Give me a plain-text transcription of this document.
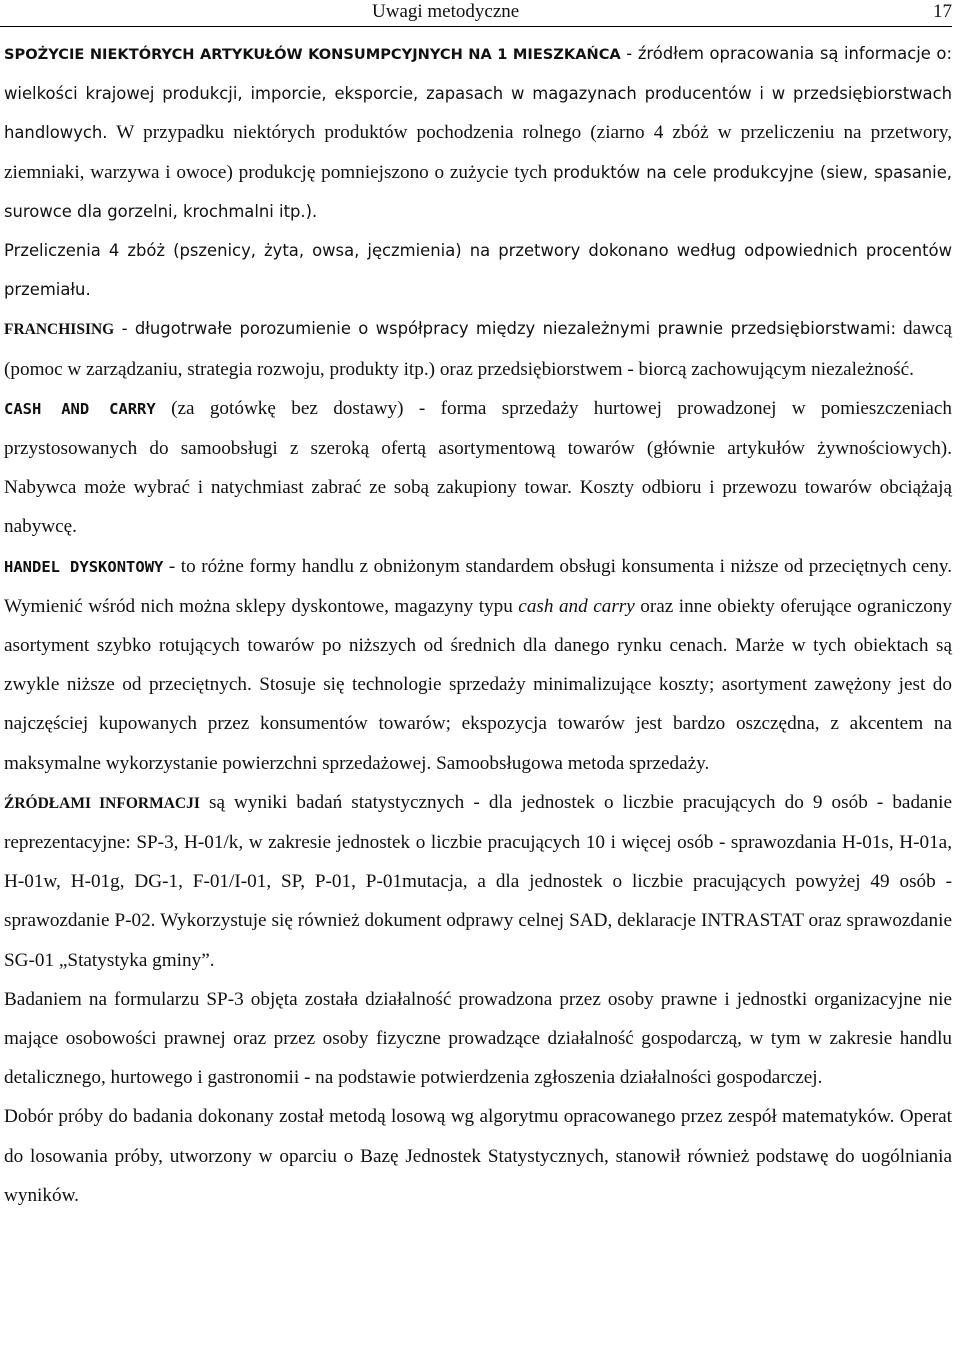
Uwagi metodyczne	17

SPOŻYCIE NIEKTÓRYCH ARTYKUŁÓW KONSUMPCYJNYCH NA 1 MIESZKAŃCA - źródłem opracowania są informacje o: wielkości krajowej produkcji, imporcie, eksporcie, zapasach w magazynach producentów i w przedsiębiorstwach handlowych. W przypadku niektórych produktów pochodzenia rolnego (ziarno 4 zbóż w przeliczeniu na przetwory, ziemniaki, warzywa i owoce) produkcję pomniejszono o zużycie tych produktów na cele produkcyjne (siew, spasanie, surowce dla gorzelni, krochmalni itp.).

Przeliczenia 4 zbóż (pszenicy, żyta, owsa, jęczmienia) na przetwory dokonano według odpowiednich procentów przemiału.

FRANCHISING - długotrwałe porozumienie o współpracy między niezależnymi prawnie przedsiębiorstwami: dawcą (pomoc w zarządzaniu, strategia rozwoju, produkty itp.) oraz przedsiębiorstwem - biorcą zachowującym niezależność.

CASH AND CARRY (za gotówkę bez dostawy) - forma sprzedaży hurtowej prowadzonej w pomieszczeniach przystosowanych do samoobsługi z szeroką ofertą asortymentową towarów (głównie artykułów żywnościowych). Nabywca może wybrać i natychmiast zabrać ze sobą zakupiony towar. Koszty odbioru i przewozu towarów obciążają nabywcę.

HANDEL DYSKONTOWY - to różne formy handlu z obniżonym standardem obsługi konsumenta i niższe od przeciętnych ceny. Wymienić wśród nich można sklepy dyskontowe, magazyny typu cash and carry oraz inne obiekty oferujące ograniczony asortyment szybko rotujących towarów po niższych od średnich dla danego rynku cenach. Marże w tych obiektach są zwykle niższe od przeciętnych. Stosuje się technologie sprzedaży minimalizujące koszty; asortyment zawężony jest do najczęściej kupowanych przez konsumentów towarów; ekspozycja towarów jest bardzo oszczędna, z akcentem na maksymalne wykorzystanie powierzchni sprzedażowej. Samoobsługowa metoda sprzedaży.

ŹRÓDŁAMI INFORMACJI są wyniki badań statystycznych - dla jednostek o liczbie pracujących do 9 osób - badanie reprezentacyjne: SP-3, H-01/k, w zakresie jednostek o liczbie pracujących 10 i więcej osób - sprawozdania H-01s, H-01a, H-01w, H-01g, DG-1, F-01/I-01, SP, P-01, P-01mutacja, a dla jednostek o liczbie pracujących powyżej 49 osób - sprawozdanie P-02. Wykorzystuje się również dokument odprawy celnej SAD, deklaracje INTRASTAT oraz sprawozdanie SG-01 „Statystyka gminy”.

Badaniem na formularzu SP-3 objęta została działalność prowadzona przez osoby prawne i jednostki organizacyjne nie mające osobowości prawnej oraz przez osoby fizyczne prowadzące działalność gospodarczą, w tym w zakresie handlu detalicznego, hurtowego i gastronomii - na podstawie potwierdzenia zgłoszenia działalności gospodarczej.

Dobór próby do badania dokonany został metodą losową wg algorytmu opracowanego przez zespół matematyków. Operat do losowania próby, utworzony w oparciu o Bazę Jednostek Statystycznych, stanowił również podstawę do uogólniania wyników.
